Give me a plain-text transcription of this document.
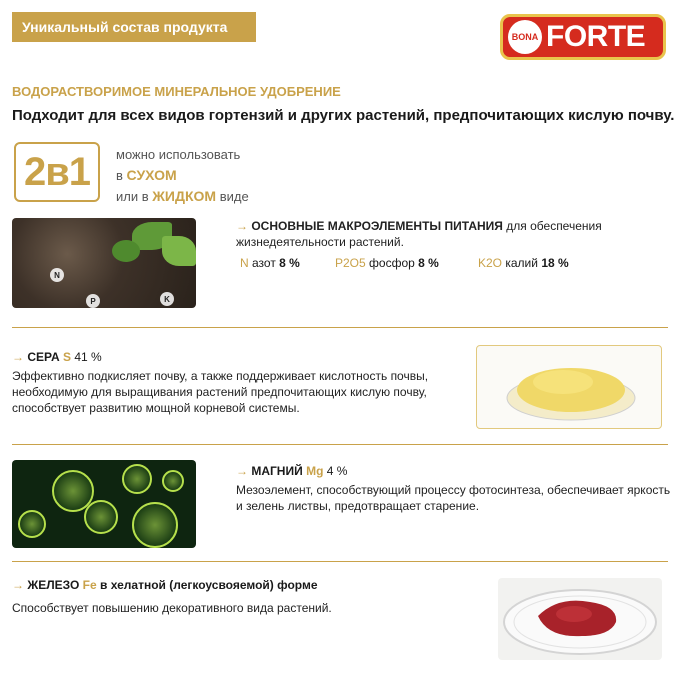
Уникальный состав продукта
BONA FORTE
ВОДОРАСТВОРИМОЕ МИНЕРАЛЬНОЕ УДОБРЕНИЕ
Подходит для всех видов гортензий и других растений, предпочитающих кислую почву.
2в1	можно использовать
в СУХОМ
или в ЖИДКОМ виде
N
P	K
→ ОСНОВНЫЕ МАКРОЭЛЕМЕНТЫ ПИТАНИЯ для обеспечения
жизнедеятельности растений.
N азот 8 %	P2O5 фосфор 8 %	K2O калий 18 %
→ СЕРА S 41 %
Эффективно подкисляет почву, а также поддерживает кислотность почвы,
необходимую для выращивания растений предпочитающих кислую почву,
способствует развитию мощной корневой системы.
→ МАГНИЙ Mg 4 %
Мезоэлемент, способствующий процессу фотосинтеза, обеспечивает яркость
и зелень листвы, предотвращает старение.
→ ЖЕЛЕЗО Fe в хелатной (легкоусвояемой) форме
Способствует повышению декоративного вида растений.
